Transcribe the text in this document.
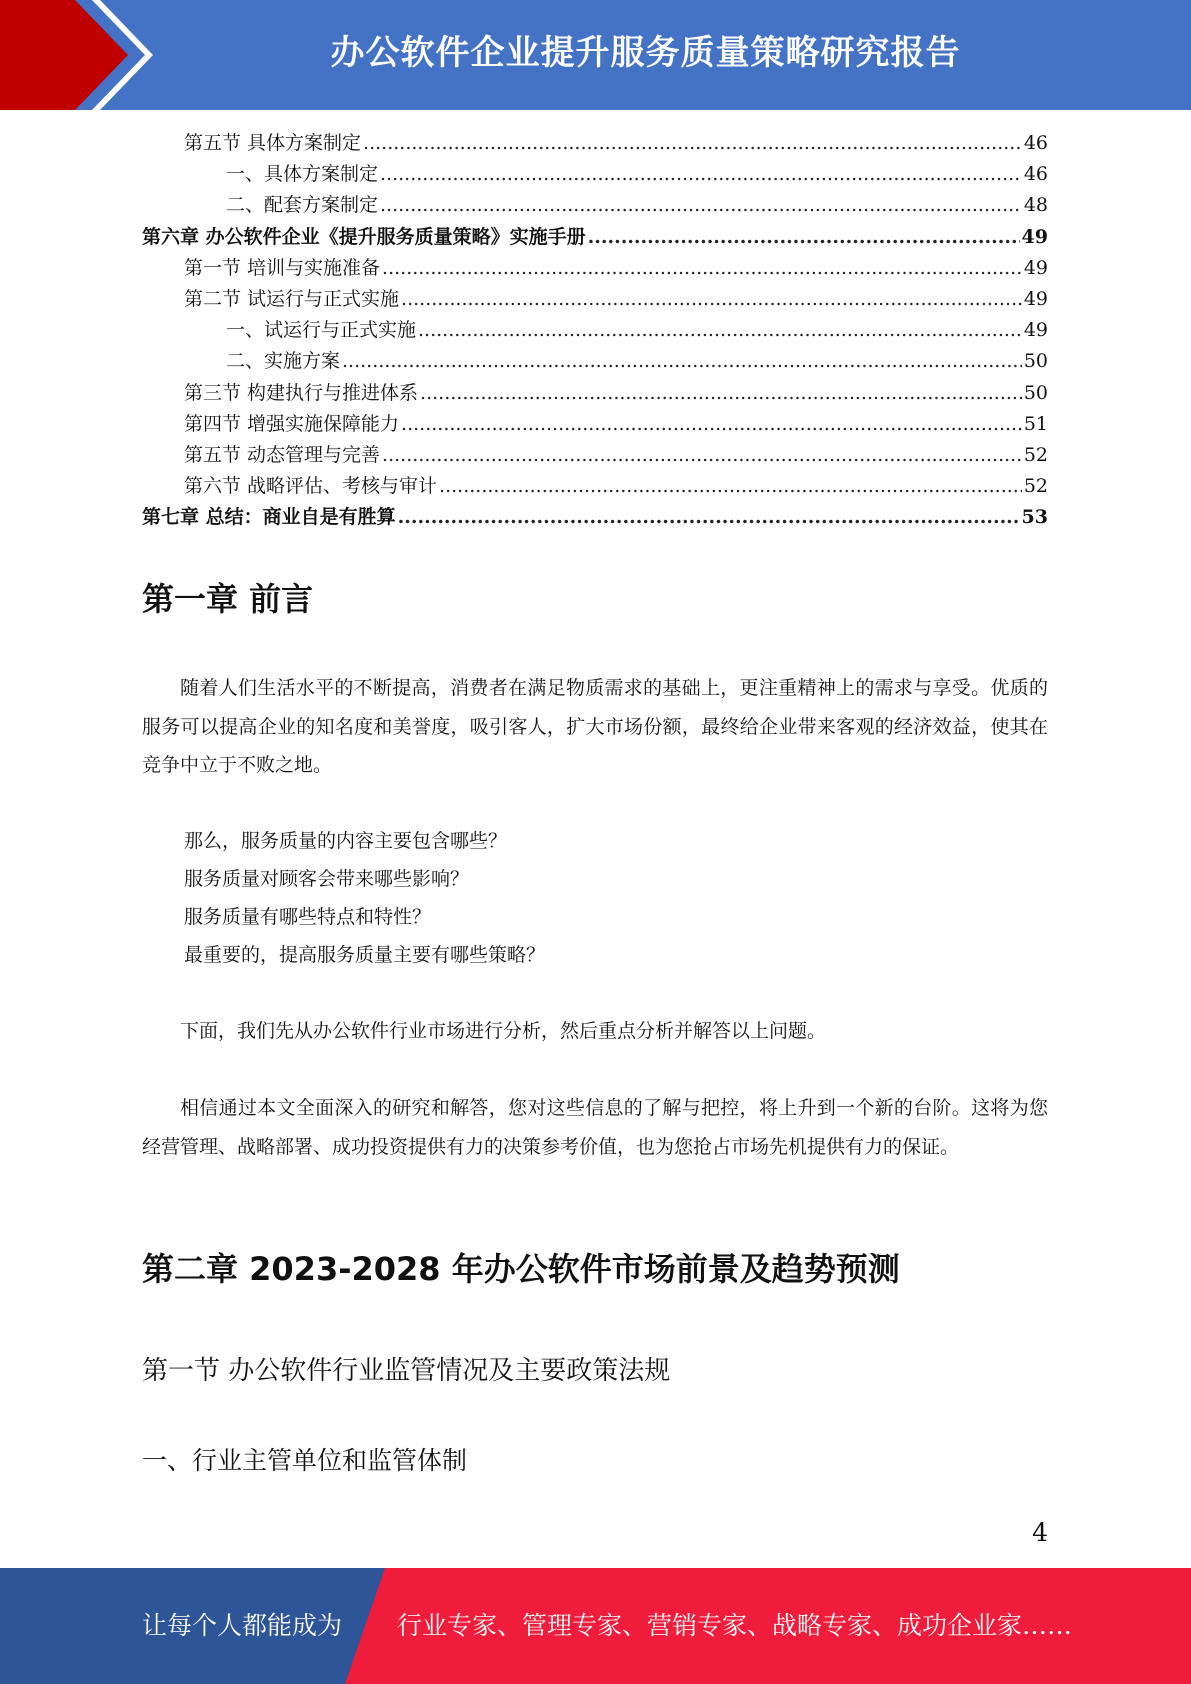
办公软件企业提升服务质量策略研究报告
第五节 具体方案制定 .....	46
一、具体方案制定 .....	46
二、配套方案制定 .....	48
第六章 办公软件企业《提升服务质量策略》实施手册 .....	49
第一节 培训与实施准备 .....	49
第二节 试运行与正式实施 .....	49
一、试运行与正式实施 .....	49
二、实施方案 .....	50
第三节 构建执行与推进体系 .....	50
第四节 增强实施保障能力 .....	51
第五节 动态管理与完善 .....	52
第六节 战略评估、考核与审计 .....	52
第七章 总结：商业自是有胜算 .....	53
第一章 前言

随着人们生活水平的不断提高，消费者在满足物质需求的基础上，更注重精神上的需求与享受。优质的服务可以提高企业的知名度和美誉度，吸引客人，扩大市场份额，最终给企业带来客观的经济效益，使其在竞争中立于不败之地。

那么，服务质量的内容主要包含哪些？

服务质量对顾客会带来哪些影响？

服务质量有哪些特点和特性？

最重要的，提高服务质量主要有哪些策略？

下面，我们先从办公软件行业市场进行分析，然后重点分析并解答以上问题。

相信通过本文全面深入的研究和解答，您对这些信息的了解与把控，将上升到一个新的台阶。这将为您经营管理、战略部署、成功投资提供有力的决策参考价值，也为您抢占市场先机提供有力的保证。

第二章 2023-2028 年办公软件市场前景及趋势预测
第一节 办公软件行业监管情况及主要政策法规
一、行业主管单位和监管体制
4
让每个人都能成为 行业专家、管理专家、营销专家、战略专家、成功企业家……
